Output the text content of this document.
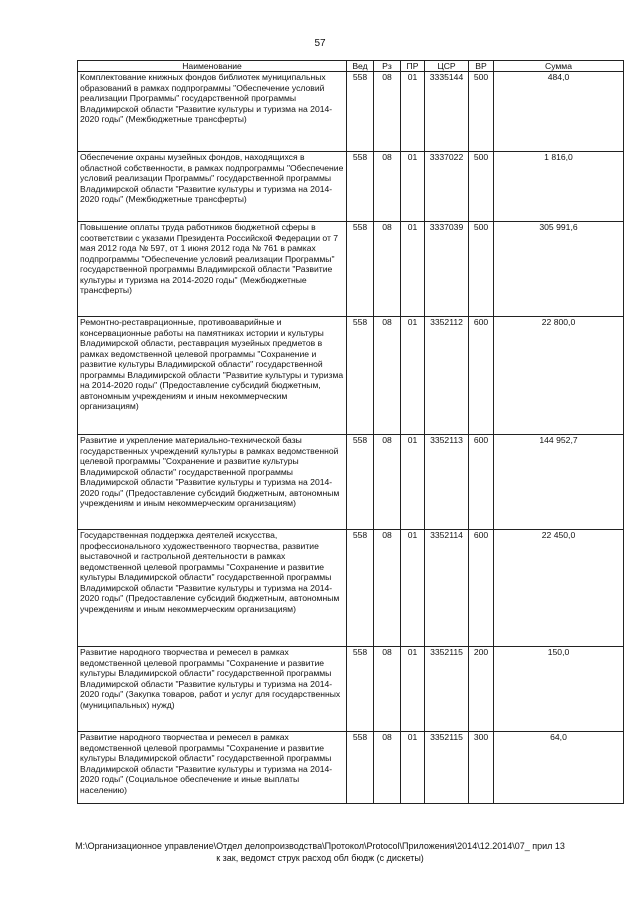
57
Наименование	Вед	Рз	ПР	ЦСР	ВР	Сумма
Комплектование книжных фондов библиотек муниципальных образований в рамках подпрограммы "Обеспечение условий реализации Программы" государственной программы Владимирской области "Развитие культуры и туризма на 2014-2020 годы" (Межбюджетные трансферты)	558	08	01	3335144	500	484,0
Обеспечение охраны музейных фондов, находящихся в областной собственности, в рамках подпрограммы "Обеспечение условий реализации Программы" государственной программы Владимирской области "Развитие культуры и туризма на 2014-2020 годы" (Межбюджетные трансферты)	558	08	01	3337022	500	1 816,0
Повышение оплаты труда работников бюджетной сферы в соответствии с указами Президента Российской Федерации от 7 мая 2012 года № 597, от 1 июня 2012 года № 761 в рамках подпрограммы "Обеспечение условий реализации Программы" государственной программы Владимирской области "Развитие культуры и туризма на 2014-2020 годы" (Межбюджетные трансферты)	558	08	01	3337039	500	305 991,6
Ремонтно-реставрационные, противоаварийные и консервационные работы на памятниках истории и культуры Владимирской области, реставрация музейных предметов в рамках ведомственной целевой программы "Сохранение и развитие культуры Владимирской области" государственной программы Владимирской области "Развитие культуры и туризма на 2014-2020 годы" (Предоставление субсидий бюджетным, автономным учреждениям и иным некоммерческим организациям)	558	08	01	3352112	600	22 800,0
Развитие и укрепление материально-технической базы государственных учреждений культуры в рамках ведомственной целевой программы "Сохранение и развитие культуры Владимирской области" государственной программы Владимирской области "Развитие культуры и туризма на 2014-2020 годы" (Предоставление субсидий бюджетным, автономным учреждениям и иным некоммерческим организациям)	558	08	01	3352113	600	144 952,7
Государственная поддержка деятелей искусства, профессионального художественного творчества, развитие выставочной и гастрольной деятельности в рамках ведомственной целевой программы "Сохранение и развитие культуры Владимирской области" государственной программы Владимирской области "Развитие культуры и туризма на 2014-2020 годы" (Предоставление субсидий бюджетным, автономным учреждениям и иным некоммерческим организациям)	558	08	01	3352114	600	22 450,0
Развитие народного творчества и ремесел в рамках ведомственной целевой программы "Сохранение и развитие культуры Владимирской области" государственной программы Владимирской области "Развитие культуры и туризма на 2014-2020 годы" (Закупка товаров, работ и услуг для государственных (муниципальных) нужд)	558	08	01	3352115	200	150,0
Развитие народного творчества и ремесел в рамках ведомственной целевой программы "Сохранение и развитие культуры Владимирской области" государственной программы Владимирской области "Развитие культуры и туризма на 2014-2020 годы" (Социальное обеспечение и иные выплаты населению)	558	08	01	3352115	300	64,0
M:\Организационное управление\Отдел делопроизводства\Протокол\Protocol\Приложения\2014\12.2014\07_ прил 13
к зак, ведомст струк расход обл бюдж (с дискеты)
